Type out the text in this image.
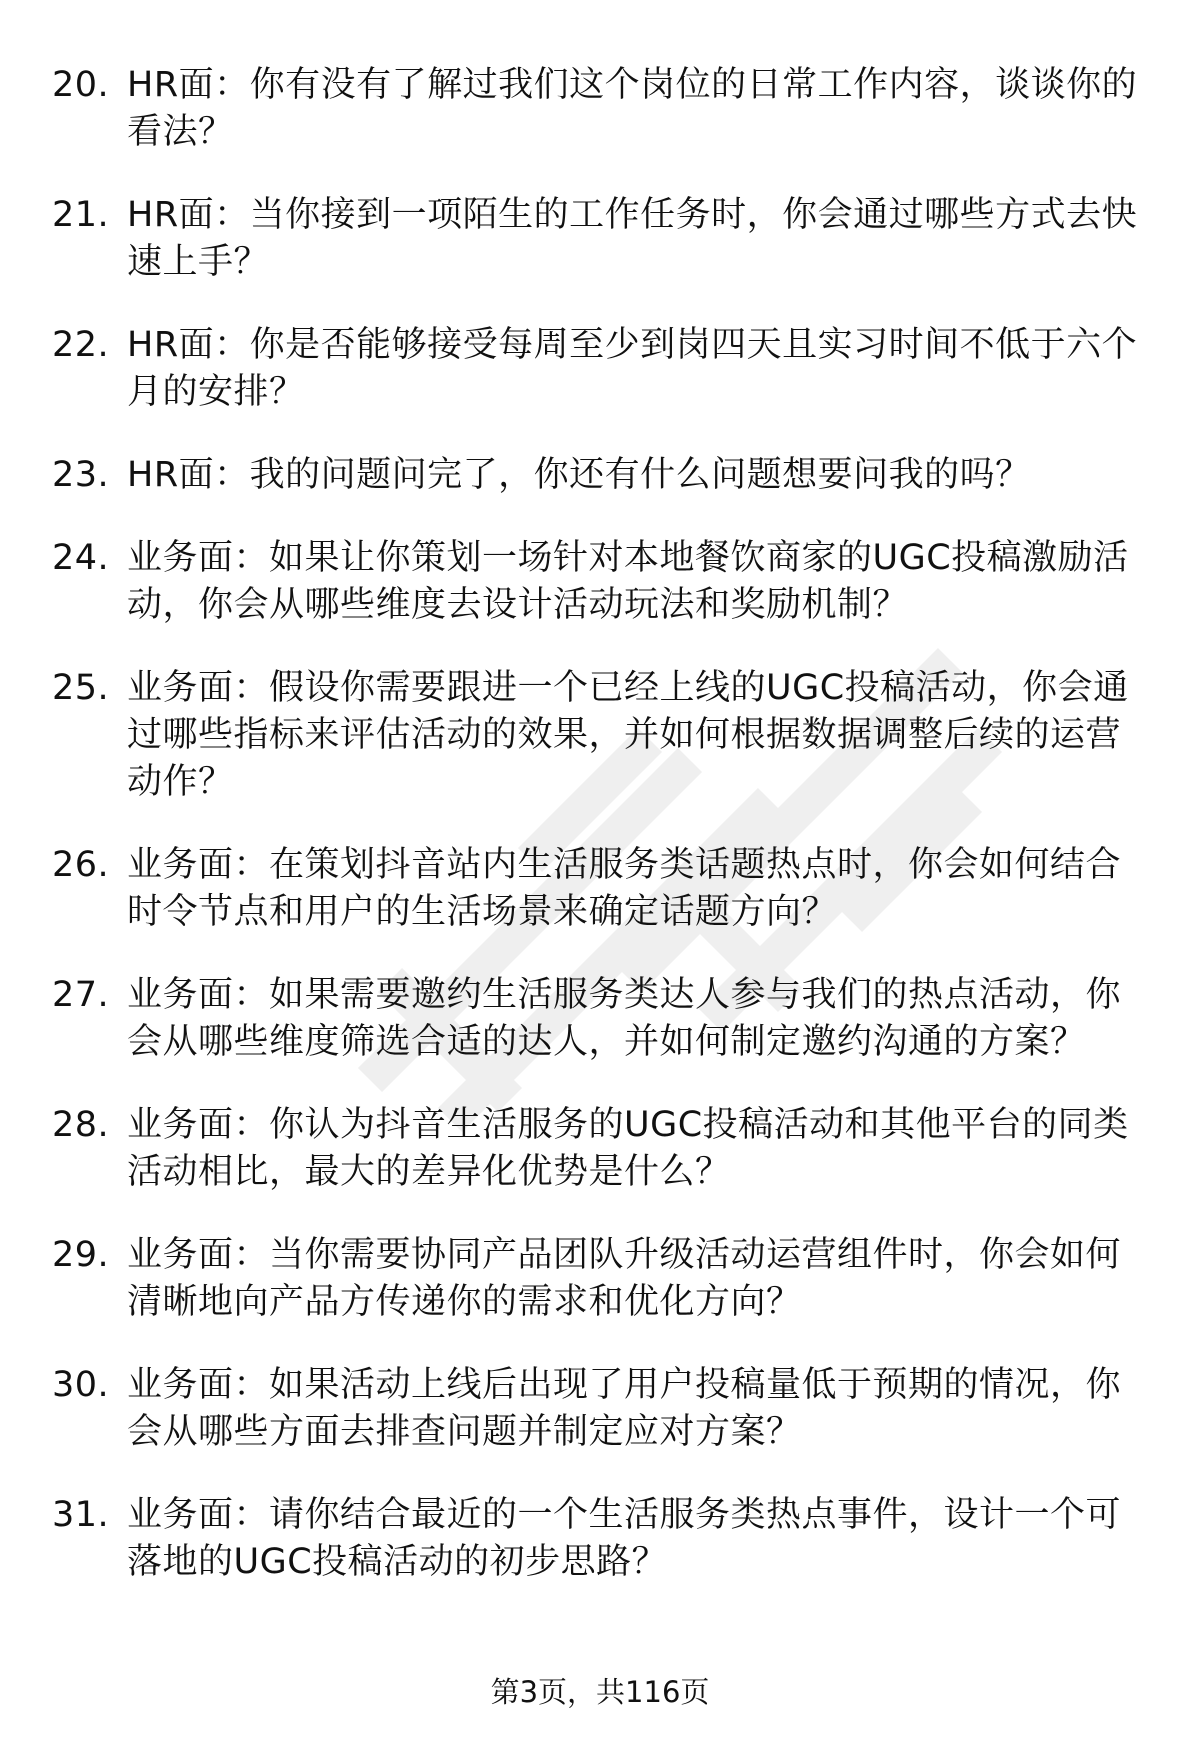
20. HR面：你有没有了解过我们这个岗位的日常工作内容，谈谈你的看法？
21. HR面：当你接到一项陌生的工作任务时，你会通过哪些方式去快速上手？
22. HR面：你是否能够接受每周至少到岗四天且实习时间不低于六个月的安排？
23. HR面：我的问题问完了，你还有什么问题想要问我的吗？
24. 业务面：如果让你策划一场针对本地餐饮商家的UGC投稿激励活动，你会从哪些维度去设计活动玩法和奖励机制？
25. 业务面：假设你需要跟进一个已经上线的UGC投稿活动，你会通过哪些指标来评估活动的效果，并如何根据数据调整后续的运营动作？
26. 业务面：在策划抖音站内生活服务类话题热点时，你会如何结合时令节点和用户的生活场景来确定话题方向？
27. 业务面：如果需要邀约生活服务类达人参与我们的热点活动，你会从哪些维度筛选合适的达人，并如何制定邀约沟通的方案？
28. 业务面：你认为抖音生活服务的UGC投稿活动和其他平台的同类活动相比，最大的差异化优势是什么？
29. 业务面：当你需要协同产品团队升级活动运营组件时，你会如何清晰地向产品方传递你的需求和优化方向？
30. 业务面：如果活动上线后出现了用户投稿量低于预期的情况，你会从哪些方面去排查问题并制定应对方案？
31. 业务面：请你结合最近的一个生活服务类热点事件，设计一个可落地的UGC投稿活动的初步思路？
第3页，共116页
